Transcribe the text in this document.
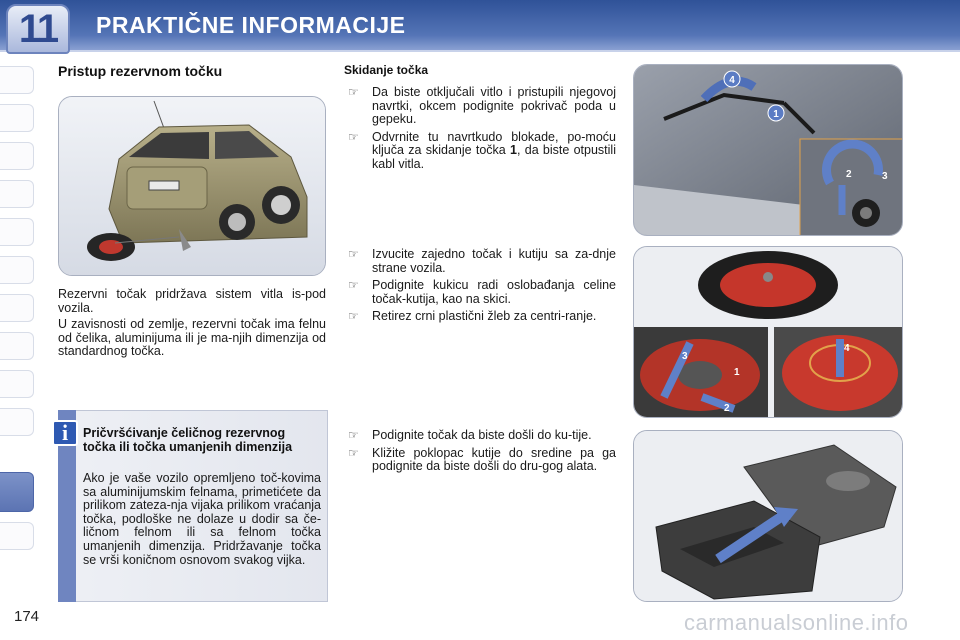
11 PRAKTIČNE INFORMACIJE
Pristup rezervnom točku
Rezervni točak pridržava sistem vitla is-pod vozila.
U zavisnosti od zemlje, rezervni točak ima felnu od čelika, aluminijuma ili je ma-njih dimenzija od standardnog točka.
i	Pričvršćivanje čeličnog rezervnog točka ili točka umanjenih dimenzija
Ako je vaše vozilo opremljeno toč-kovima sa aluminijumskim felnama, primetićete da prilikom zateza-nja vijaka prilikom vraćanja točka, podloške ne dolaze u dodir sa če-ličnom felnom ili sa felnom točka umanjenih dimenzija. Pridržavanje točka se vrši koničnom osnovom svakog vijka.
Skidanje točka
☞ Da biste otključali vitlo i pristupili njegovoj navrtki, okcem podignite pokrivač poda u gepeku.
☞ Odvrnite tu navrtkudo blokade, po-moću ključa za skidanje točka 1, da biste otpustili kabl vitla.
☞ Izvucite zajedno točak i kutiju sa za-dnje strane vozila.
☞ Podignite kukicu radi oslobađanja celine točak-kutija, kao na skici.
☞ Retirez crni plastični žleb za centri-ranje.
☞ Podignite točak da biste došli do ku-tije.
☞ Kližite poklopac kutije do sredine pa ga podignite da biste došli do dru-gog alata.
4
1
2	3
1
2
3
4
174	carmanualsonline.info
